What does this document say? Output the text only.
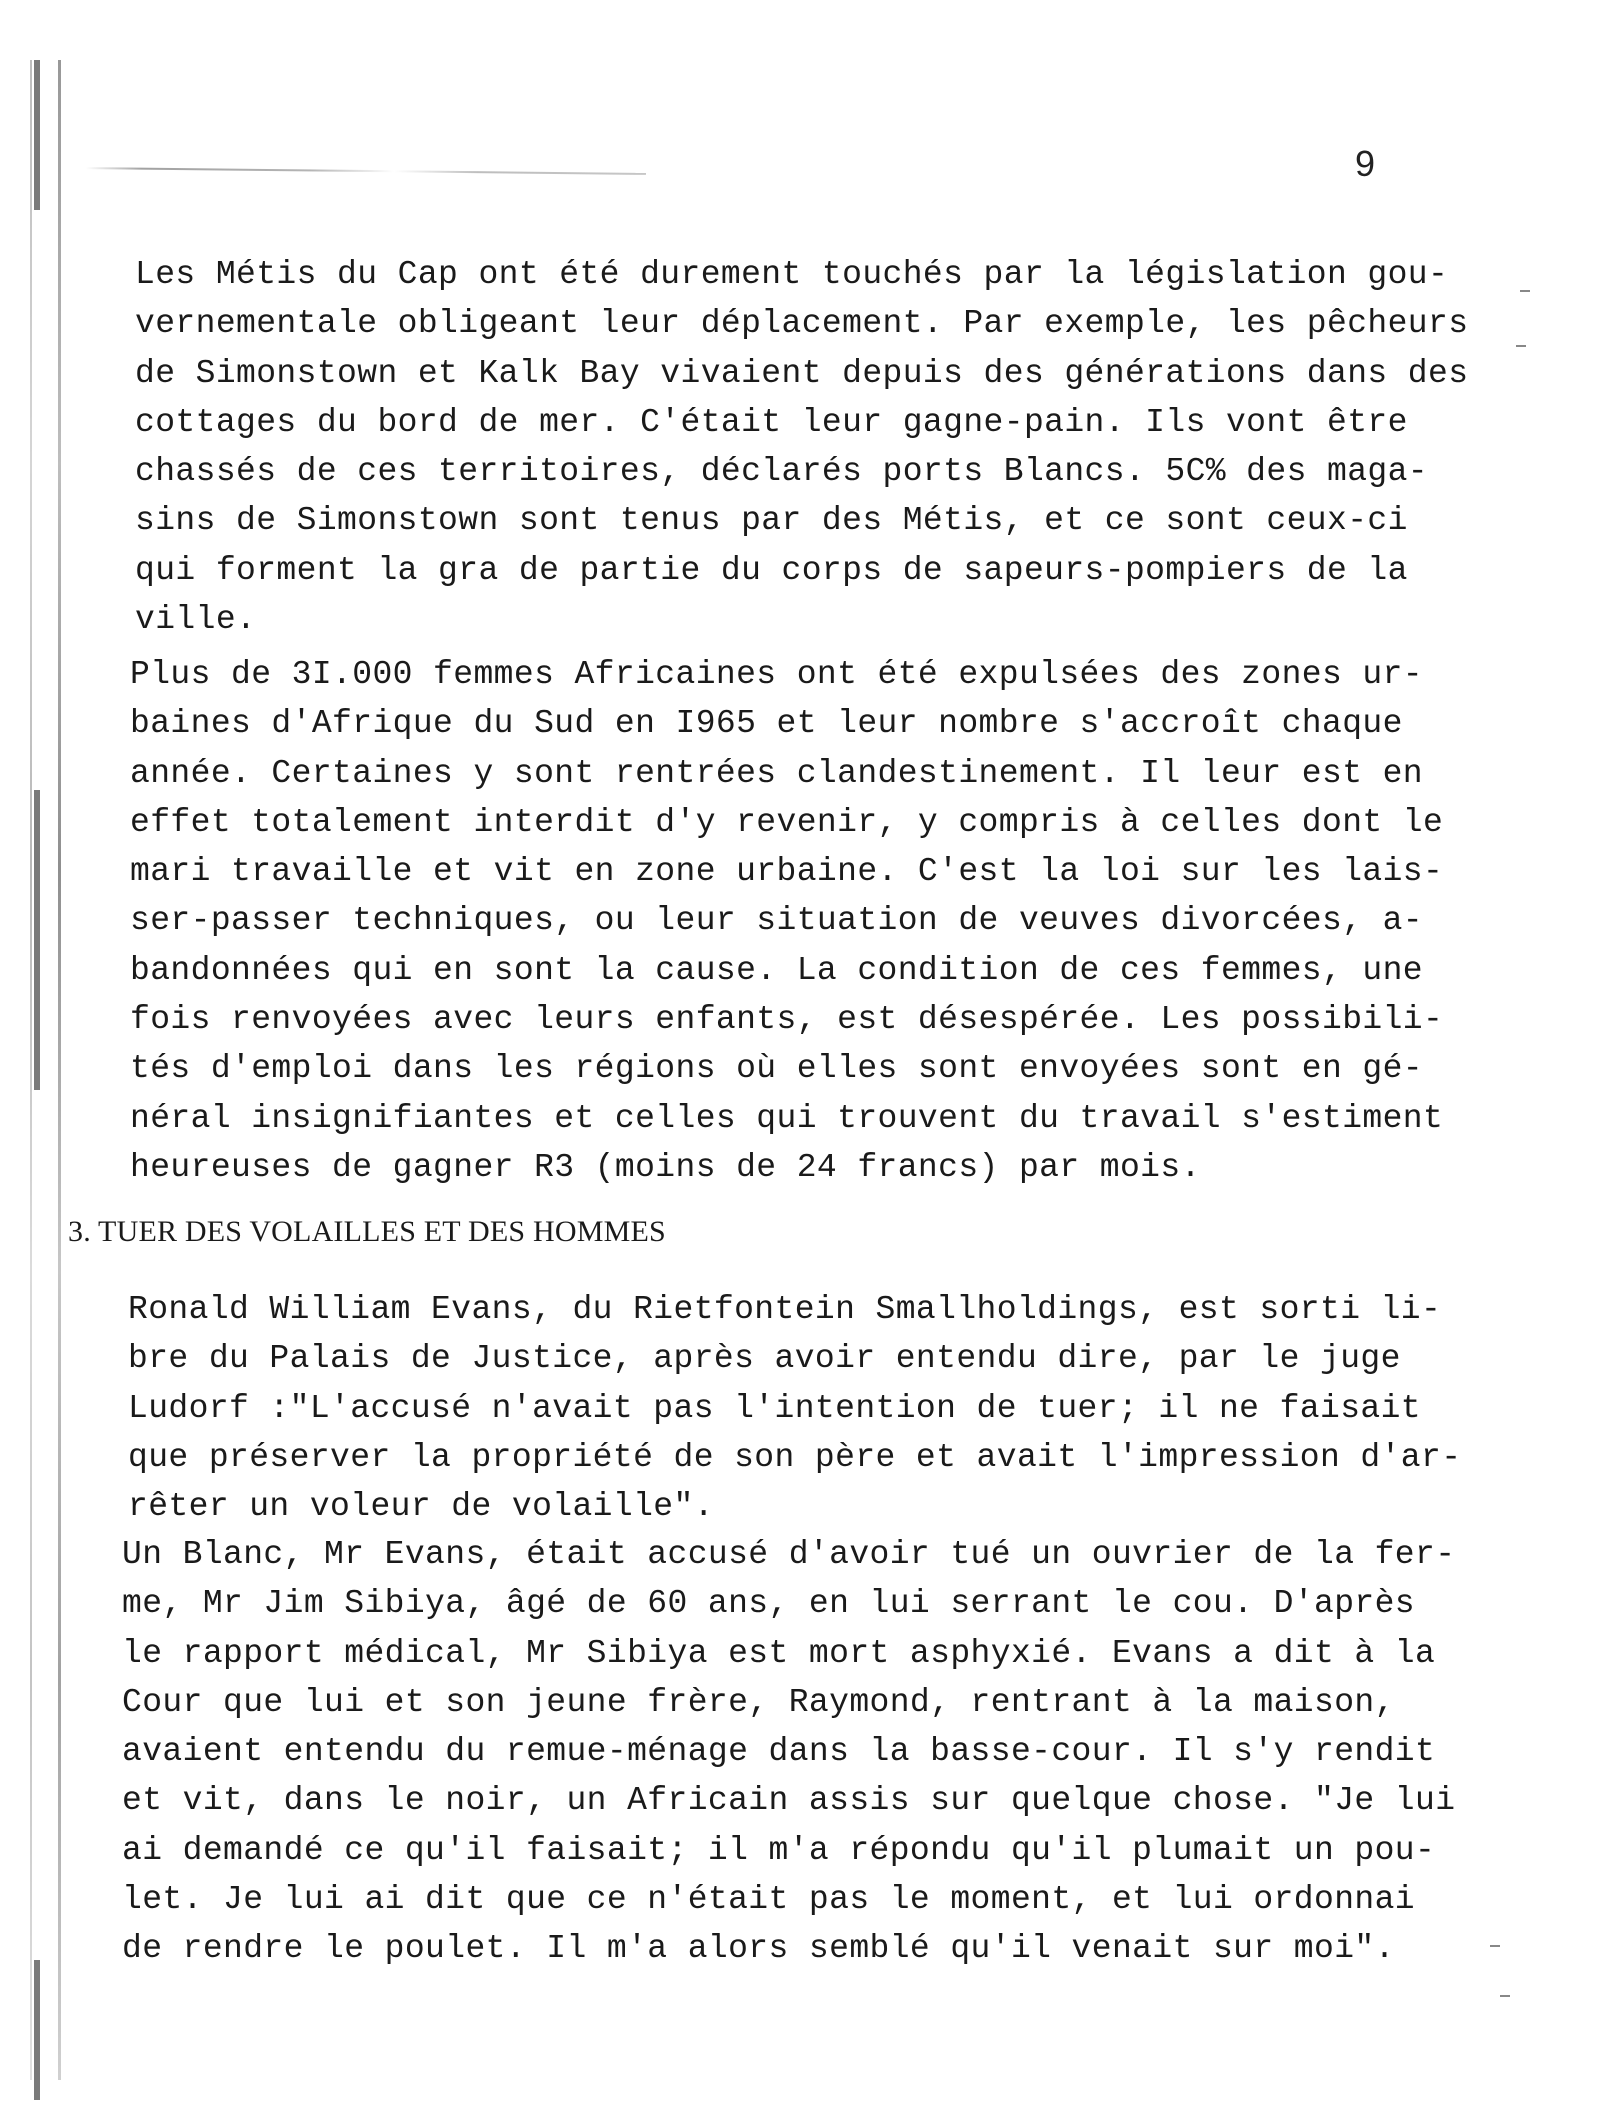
9
Les Métis du Cap ont été durement touchés par la législation gou-
vernementale obligeant leur déplacement. Par exemple, les pêcheurs
de Simonstown et Kalk Bay vivaient depuis des générations dans des
cottages du bord de mer. C'était leur gagne-pain. Ils vont être
chassés de ces territoires, déclarés ports Blancs. 5C% des maga-
sins de Simonstown sont tenus par des Métis, et ce sont ceux-ci
qui forment la gra de partie du corps de sapeurs-pompiers de la
ville.
Plus de 3I.000 femmes Africaines ont été expulsées des zones ur-
baines d'Afrique du Sud en I965 et leur nombre s'accroît chaque
année. Certaines y sont rentrées clandestinement. Il leur est en
effet totalement interdit d'y revenir, y compris à celles dont le
mari travaille et vit en zone urbaine. C'est la loi sur les lais-
ser-passer techniques, ou leur situation de veuves divorcées, a-
bandonnées qui en sont la cause. La condition de ces femmes, une
fois renvoyées avec leurs enfants, est désespérée. Les possibili-
tés d'emploi dans les régions où elles sont envoyées sont en gé-
néral insignifiantes et celles qui trouvent du travail s'estiment
heureuses de gagner R3 (moins de 24 francs) par mois.
3. TUER DES VOLAILLES ET DES HOMMES
Ronald William Evans, du Rietfontein Smallholdings, est sorti li-
bre du Palais de Justice, après avoir entendu dire, par le juge
Ludorf :"L'accusé n'avait pas l'intention de tuer; il ne faisait
que préserver la propriété de son père et avait l'impression d'ar-
rêter un voleur de volaille".
Un Blanc, Mr Evans, était accusé d'avoir tué un ouvrier de la fer-
me, Mr Jim Sibiya, âgé de 60 ans, en lui serrant le cou. D'après
le rapport médical, Mr Sibiya est mort asphyxié. Evans a dit à la
Cour que lui et son jeune frère, Raymond, rentrant à la maison,
avaient entendu du remue-ménage dans la basse-cour. Il s'y rendit
et vit, dans le noir, un Africain assis sur quelque chose. "Je lui
ai demandé ce qu'il faisait; il m'a répondu qu'il plumait un pou-
let. Je lui ai dit que ce n'était pas le moment, et lui ordonnai
de rendre le poulet. Il m'a alors semblé qu'il venait sur moi".
